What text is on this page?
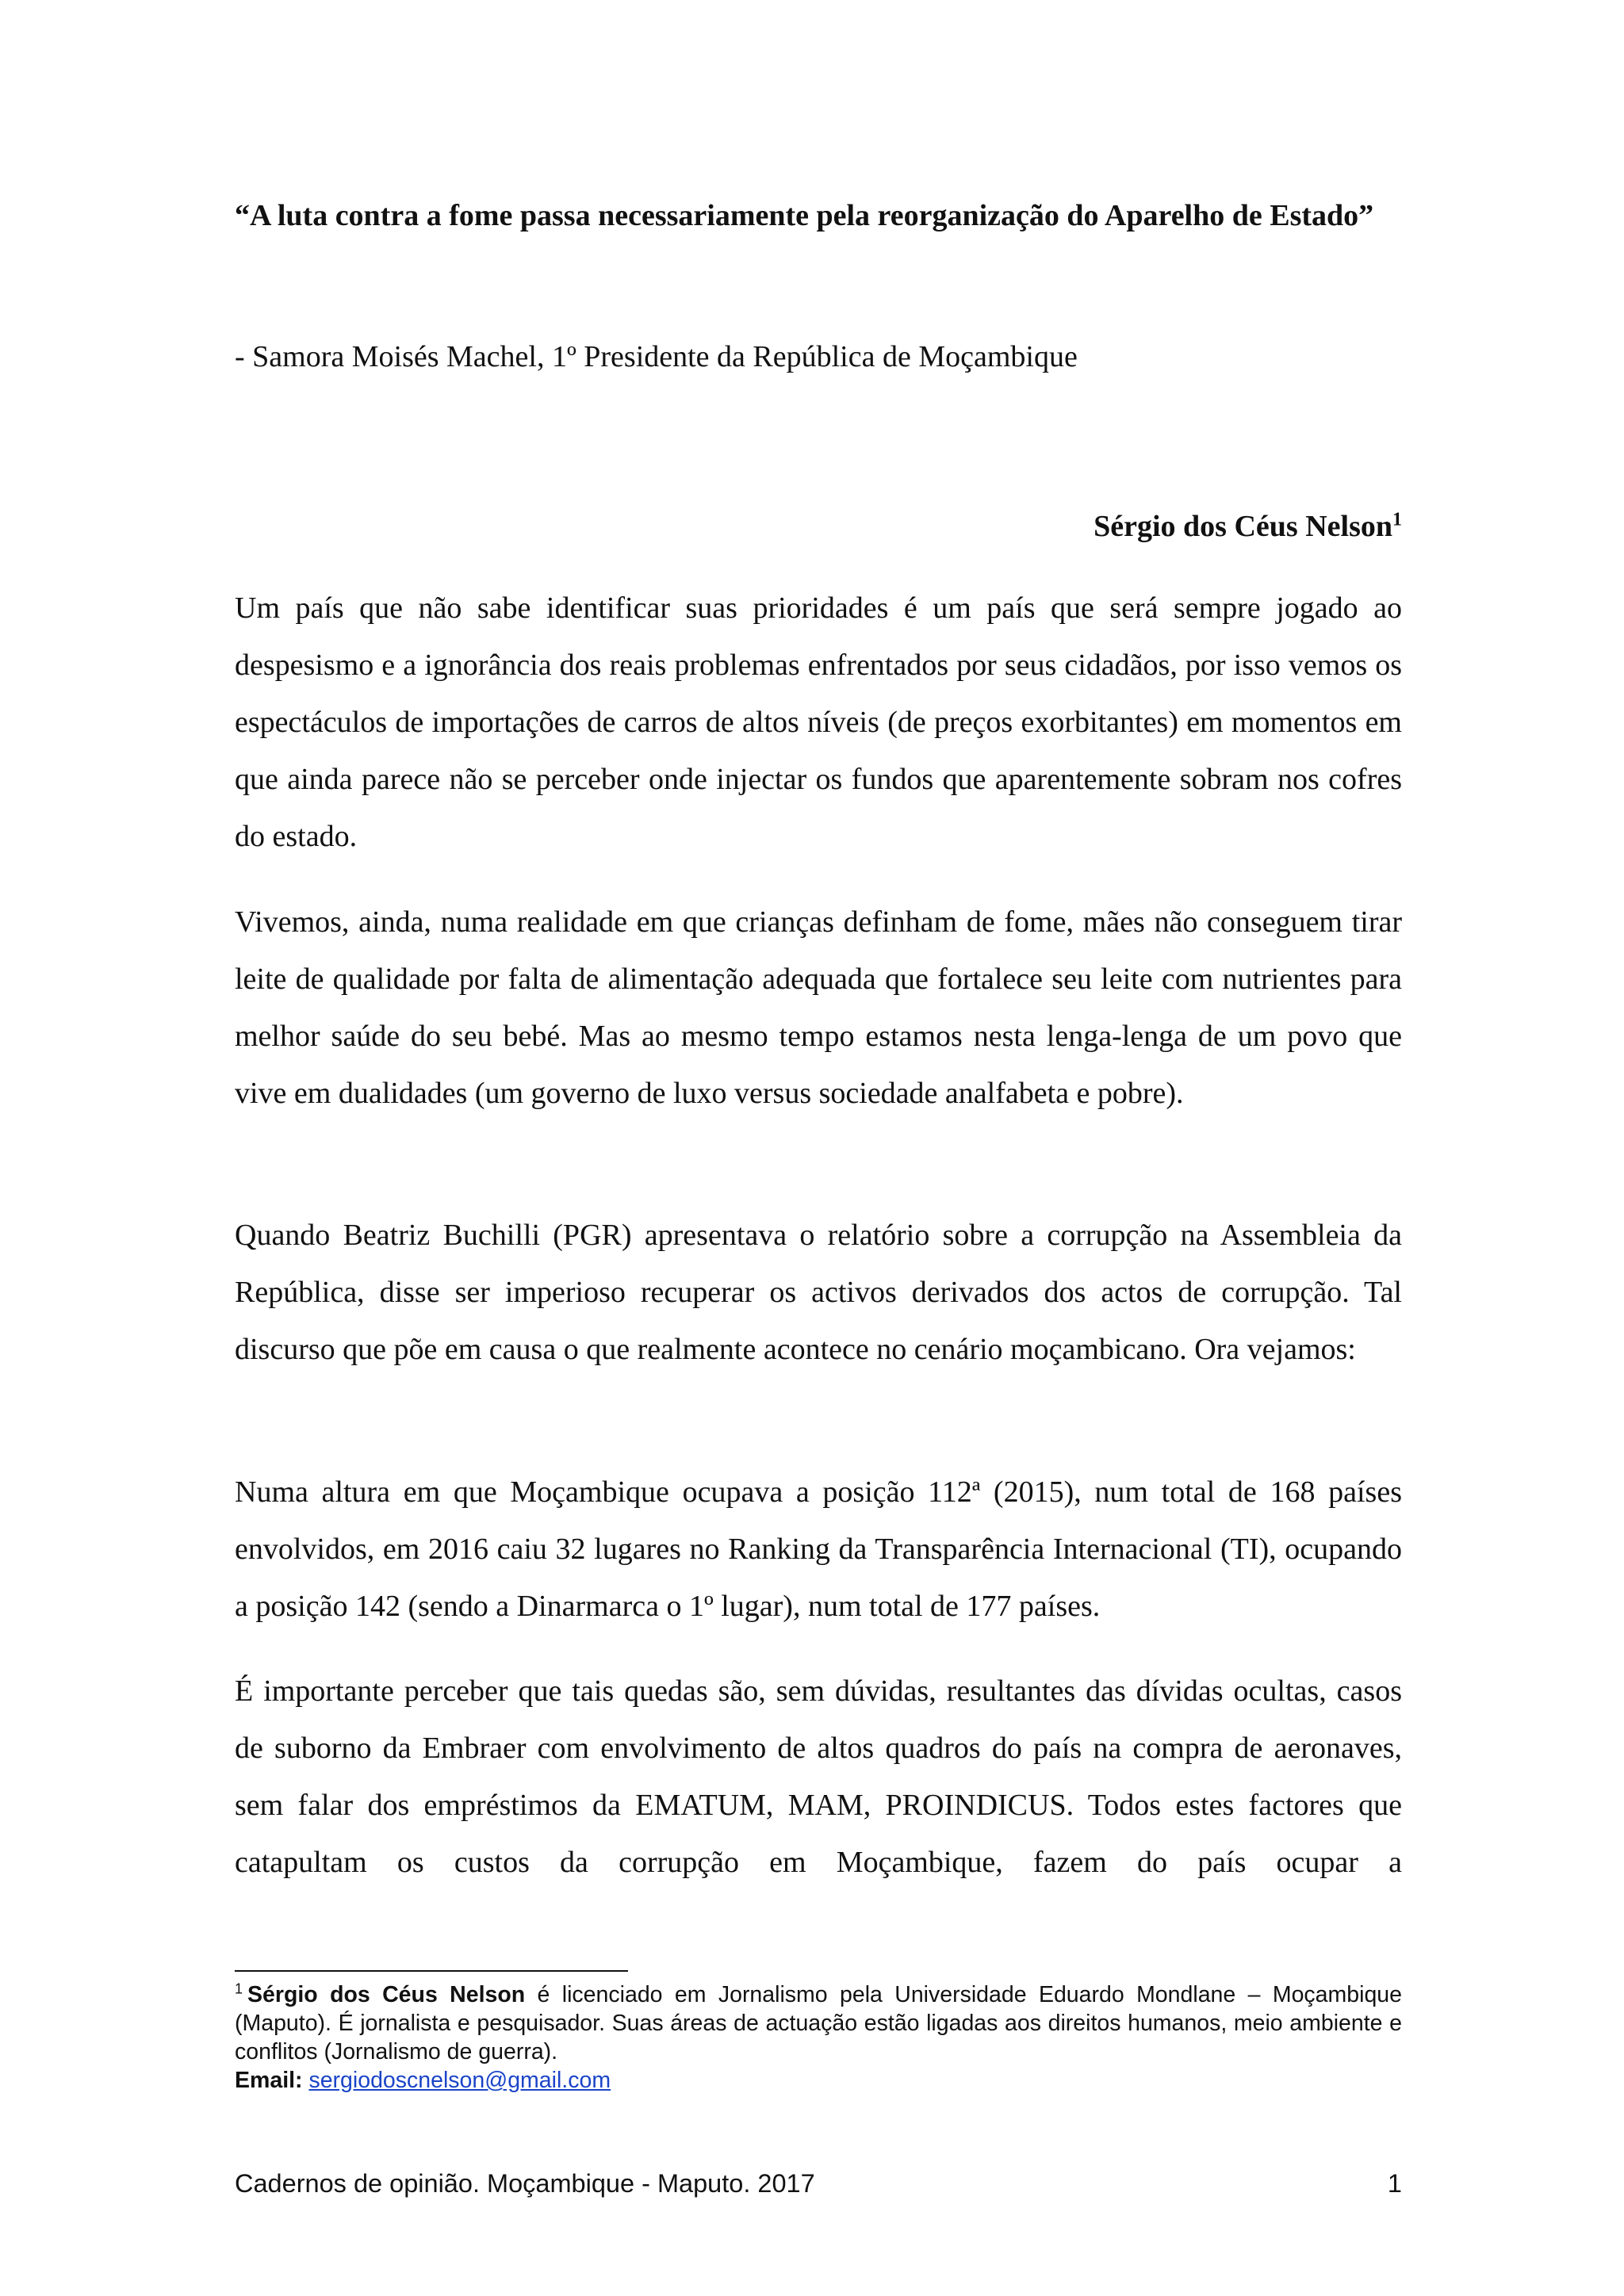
“A luta contra a fome passa necessariamente pela reorganização do Aparelho de Estado”

- Samora Moisés Machel, 1º Presidente da República de Moçambique

Sérgio dos Céus Nelson$^1$

Um país que não sabe identificar suas prioridades é um país que será sempre jogado ao despesismo e a ignorância dos reais problemas enfrentados por seus cidadãos, por isso vemos os espectáculos de importações de carros de altos níveis (de preços exorbitantes) em momentos em que ainda parece não se perceber onde injectar os fundos que aparentemente sobram nos cofres do estado.

Vivemos, ainda, numa realidade em que crianças definham de fome, mães não conseguem tirar leite de qualidade por falta de alimentação adequada que fortalece seu leite com nutrientes para melhor saúde do seu bebé. Mas ao mesmo tempo estamos nesta lenga-lenga de um povo que vive em dualidades (um governo de luxo versus sociedade analfabeta e pobre).

Quando Beatriz Buchilli (PGR) apresentava o relatório sobre a corrupção na Assembleia da República, disse ser imperioso recuperar os activos derivados dos actos de corrupção. Tal discurso que põe em causa o que realmente acontece no cenário moçambicano. Ora vejamos:

Numa altura em que Moçambique ocupava a posição 112ª (2015), num total de 168 países envolvidos, em 2016 caiu 32 lugares no Ranking da Transparência Internacional (TI), ocupando a posição 142 (sendo a Dinarmarca o 1º lugar), num total de 177 países.

É importante perceber que tais quedas são, sem dúvidas, resultantes das dívidas ocultas, casos de suborno da Embraer com envolvimento de altos quadros do país na compra de aeronaves, sem falar dos empréstimos da EMATUM, MAM, PROINDICUS. Todos estes factores que catapultam os custos da corrupção em Moçambique, fazem do país ocupar a

$^1$ Sérgio dos Céus Nelson é licenciado em Jornalismo pela Universidade Eduardo Mondlane – Moçambique (Maputo). É jornalista e pesquisador. Suas áreas de actuação estão ligadas aos direitos humanos, meio ambiente e conflitos (Jornalismo de guerra).
Email: sergiodoscnelson@gmail.com

Cadernos de opinião. Moçambique - Maputo. 2017	1
